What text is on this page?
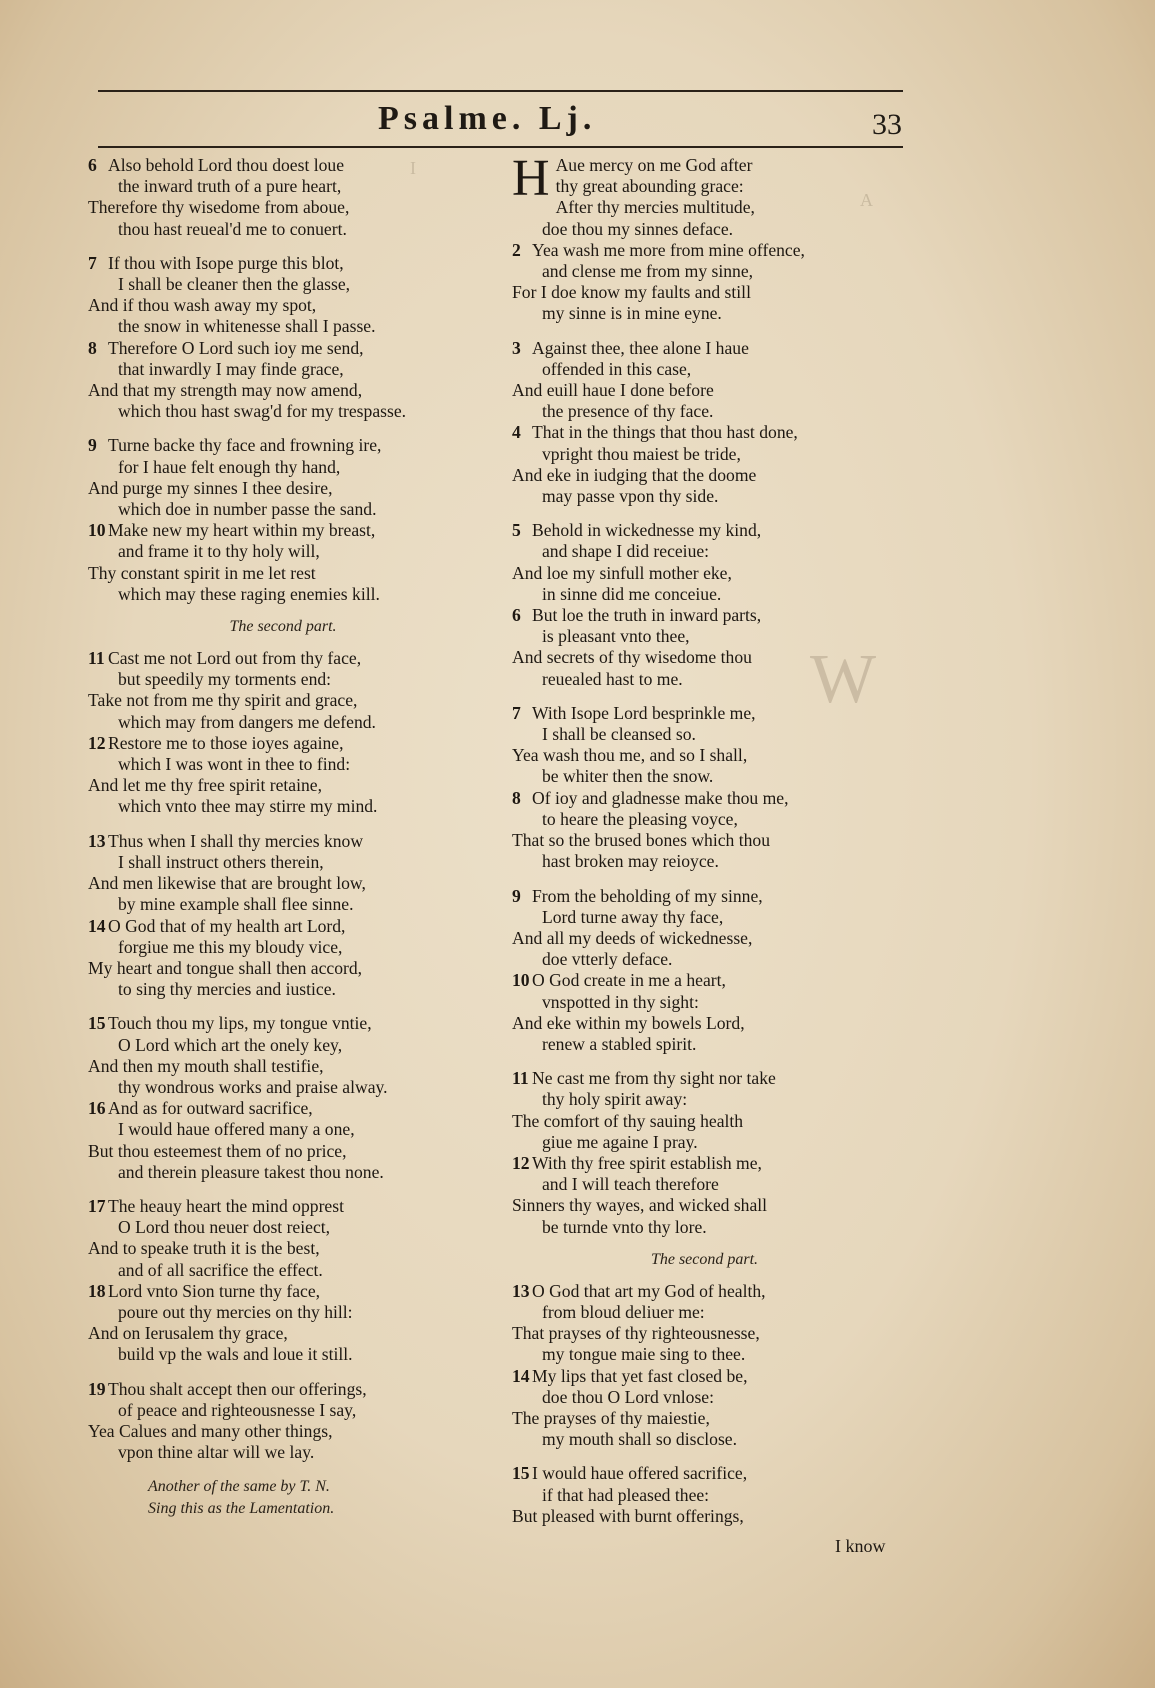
I
A
W
Psalme. Lj.	33
6 Also behold Lord thou doest loue
the inward truth of a pure heart,
Therefore thy wisedome from aboue,
thou hast reueal'd me to conuert.
7 If thou with Isope purge this blot,
I shall be cleaner then the glasse,
And if thou wash away my spot,
the snow in whitenesse shall I passe.
8 Therefore O Lord such ioy me send,
that inwardly I may finde grace,
And that my strength may now amend,
which thou hast swag'd for my trespasse.
9 Turne backe thy face and frowning ire,
for I haue felt enough thy hand,
And purge my sinnes I thee desire,
which doe in number passe the sand.
10 Make new my heart within my breast,
and frame it to thy holy will,
Thy constant spirit in me let rest
which may these raging enemies kill.
The second part.
11 Cast me not Lord out from thy face,
but speedily my torments end:
Take not from me thy spirit and grace,
which may from dangers me defend.
12 Restore me to those ioyes againe,
which I was wont in thee to find:
And let me thy free spirit retaine,
which vnto thee may stirre my mind.
13 Thus when I shall thy mercies know
I shall instruct others therein,
And men likewise that are brought low,
by mine example shall flee sinne.
14 O God that of my health art Lord,
forgiue me this my bloudy vice,
My heart and tongue shall then accord,
to sing thy mercies and iustice.
15 Touch thou my lips, my tongue vntie,
O Lord which art the onely key,
And then my mouth shall testifie,
thy wondrous works and praise alway.
16 And as for outward sacrifice,
I would haue offered many a one,
But thou esteemest them of no price,
and therein pleasure takest thou none.
17 The heauy heart the mind opprest
O Lord thou neuer dost reiect,
And to speake truth it is the best,
and of all sacrifice the effect.
18 Lord vnto Sion turne thy face,
poure out thy mercies on thy hill:
And on Ierusalem thy grace,
build vp the wals and loue it still.
19 Thou shalt accept then our offerings,
of peace and righteousnesse I say,
Yea Calues and many other things,
vpon thine altar will we lay.
Another of the same by T. N.
Sing this as the Lamentation.
H Aue mercy on me God after
thy great abounding grace:
After thy mercies multitude,
doe thou my sinnes deface.
2 Yea wash me more from mine offence,
and clense me from my sinne,
For I doe know my faults and still
my sinne is in mine eyne.
3 Against thee, thee alone I haue
offended in this case,
And euill haue I done before
the presence of thy face.
4 That in the things that thou hast done,
vpright thou maiest be tride,
And eke in iudging that the doome
may passe vpon thy side.
5 Behold in wickednesse my kind,
and shape I did receiue:
And loe my sinfull mother eke,
in sinne did me conceiue.
6 But loe the truth in inward parts,
is pleasant vnto thee,
And secrets of thy wisedome thou
reuealed hast to me.
7 With Isope Lord besprinkle me,
I shall be cleansed so.
Yea wash thou me, and so I shall,
be whiter then the snow.
8 Of ioy and gladnesse make thou me,
to heare the pleasing voyce,
That so the brused bones which thou
hast broken may reioyce.
9 From the beholding of my sinne,
Lord turne away thy face,
And all my deeds of wickednesse,
doe vtterly deface.
10 O God create in me a heart,
vnspotted in thy sight:
And eke within my bowels Lord,
renew a stabled spirit.
11 Ne cast me from thy sight nor take
thy holy spirit away:
The comfort of thy sauing health
giue me againe I pray.
12 With thy free spirit establish me,
and I will teach therefore
Sinners thy wayes, and wicked shall
be turnde vnto thy lore.
The second part.
13 O God that art my God of health,
from bloud deliuer me:
That prayses of thy righteousnesse,
my tongue maie sing to thee.
14 My lips that yet fast closed be,
doe thou O Lord vnlose:
The prayses of thy maiestie,
my mouth shall so disclose.
15 I would haue offered sacrifice,
if that had pleased thee:
But pleased with burnt offerings,
I know
